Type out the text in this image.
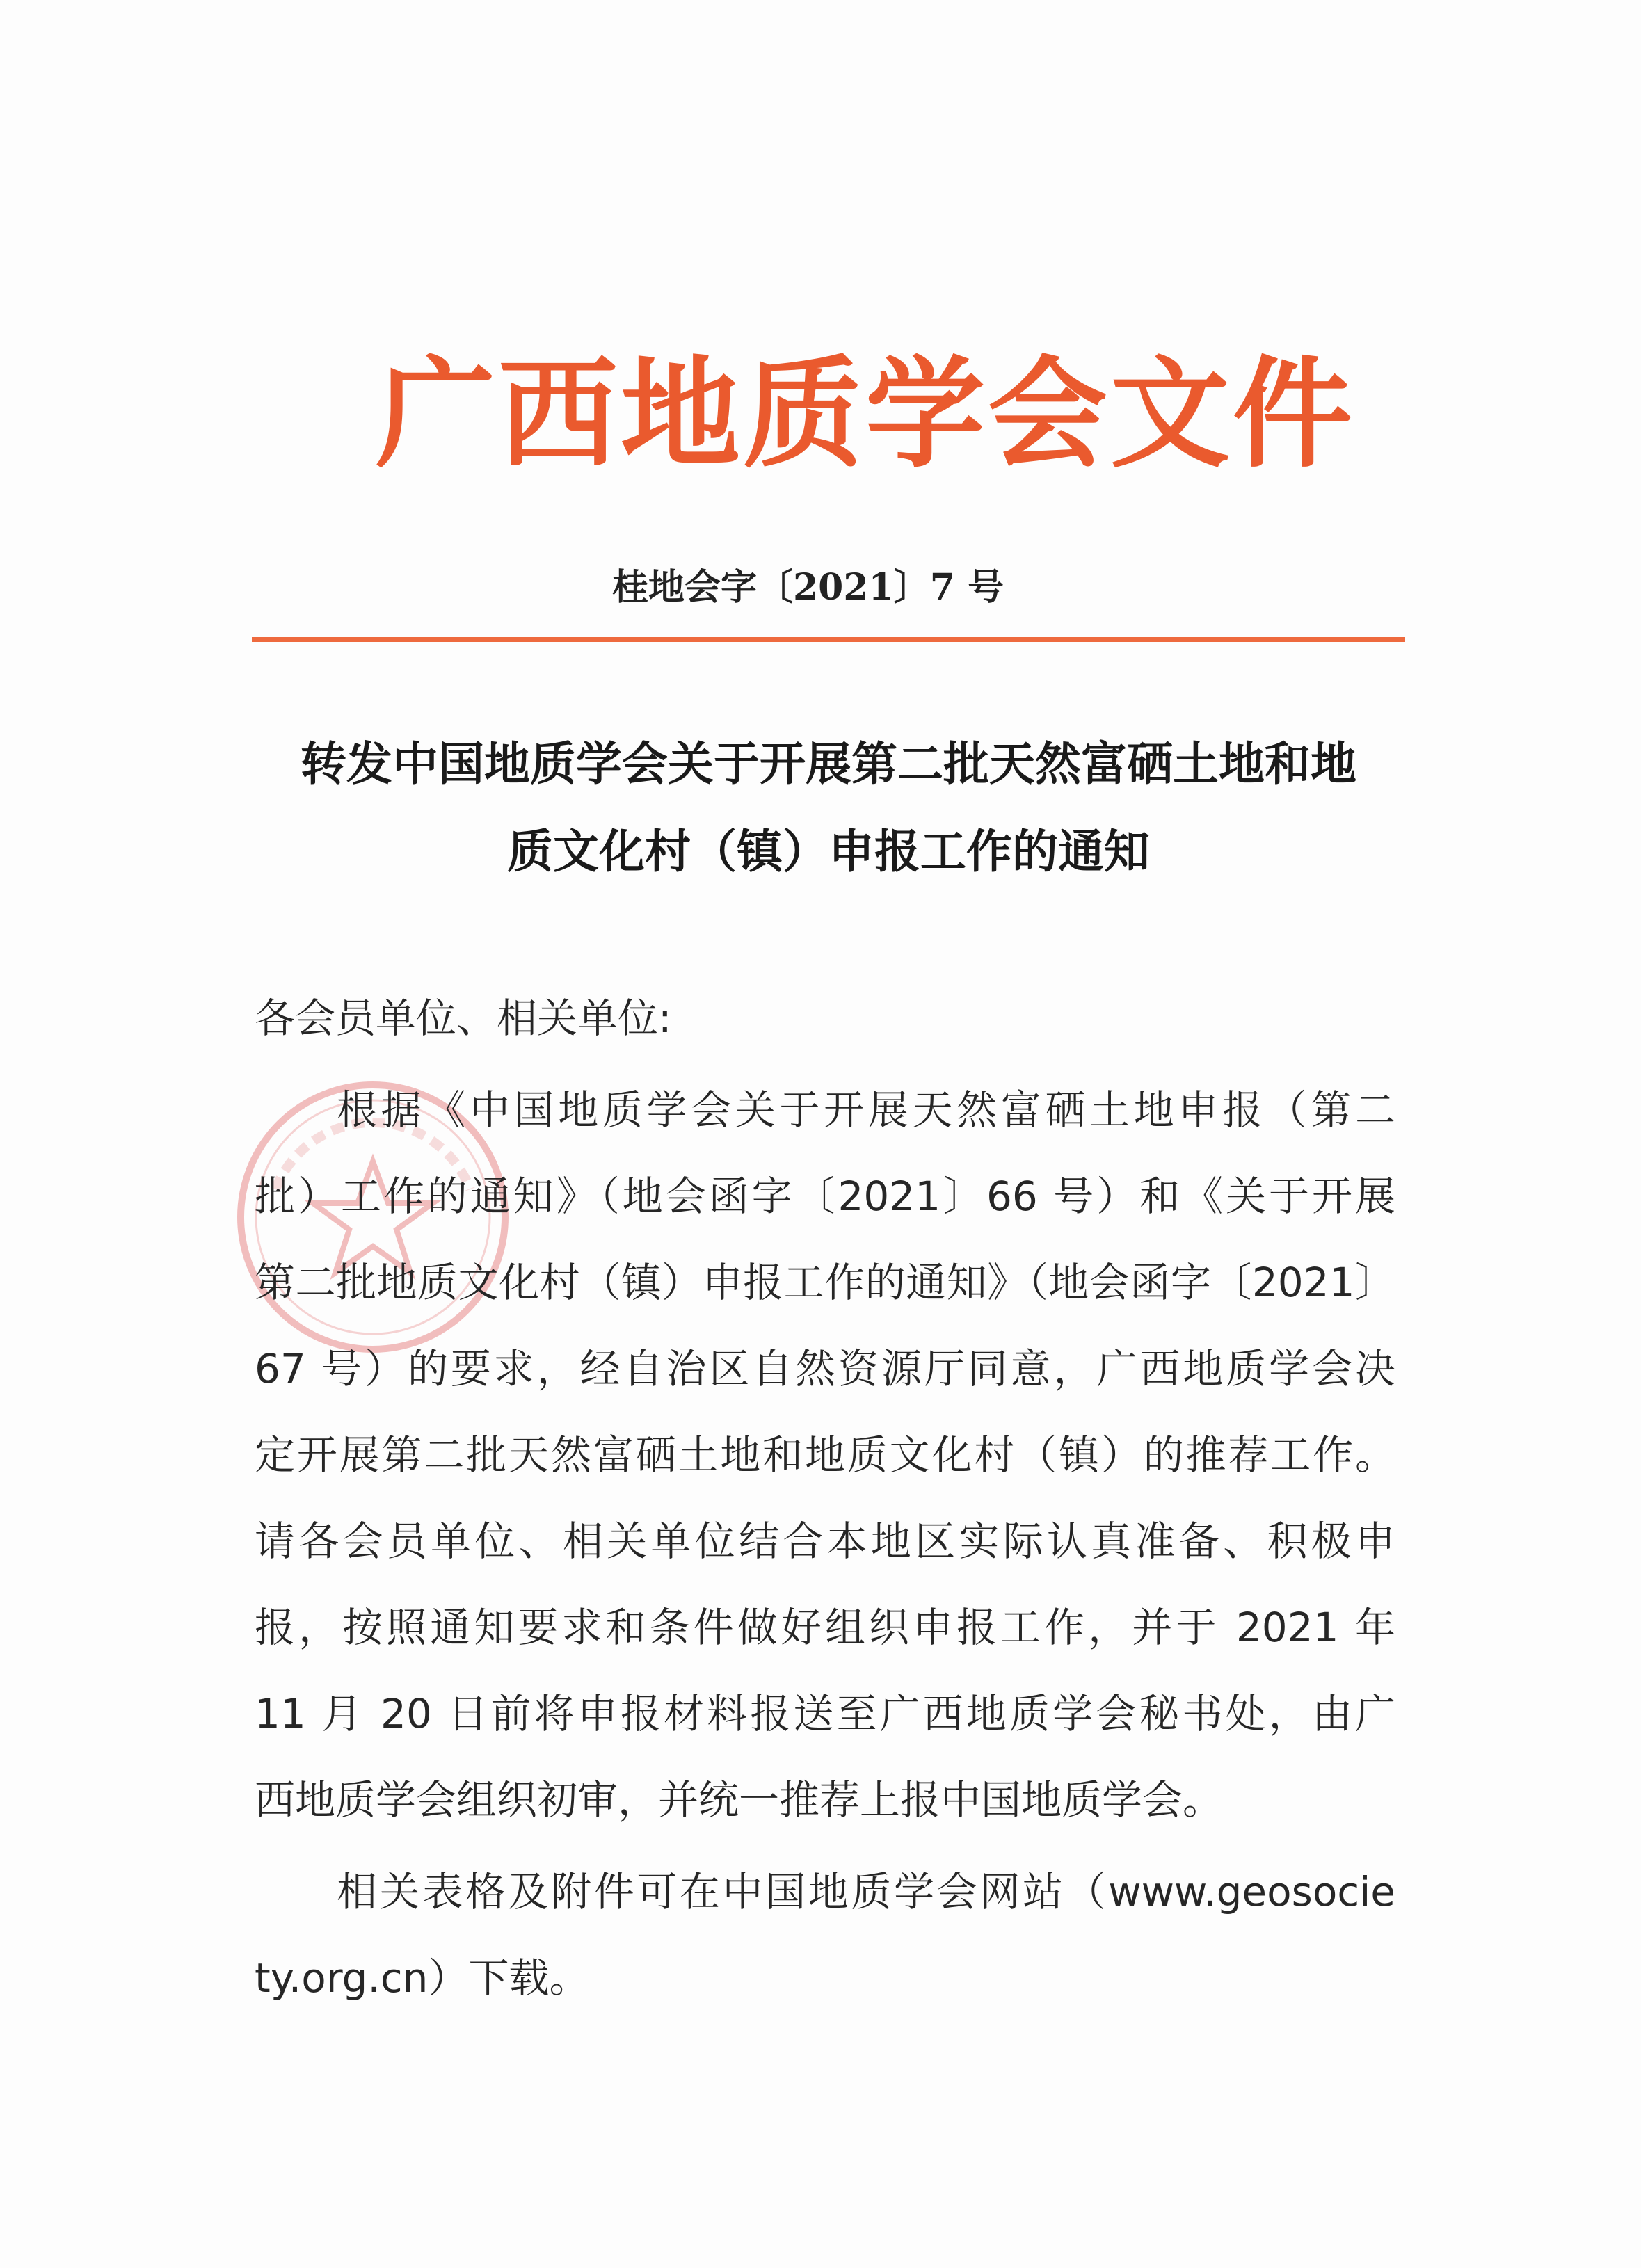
广西地质学会文件
桂地会字〔2021〕7 号
转发中国地质学会关于开展第二批天然富硒土地和地
质文化村（镇）申报工作的通知
各会员单位、相关单位:
根据《中国地质学会关于开展天然富硒土地申报（第二
批）工作的通知》（地会函字〔2021〕66 号）和《关于开展
第二批地质文化村（镇）申报工作的通知》（地会函字〔2021〕
67 号）的要求，经自治区自然资源厅同意，广西地质学会决
定开展第二批天然富硒土地和地质文化村（镇）的推荐工作。
请各会员单位、相关单位结合本地区实际认真准备、积极申
报，按照通知要求和条件做好组织申报工作，并于 2021 年
11 月 20 日前将申报材料报送至广西地质学会秘书处，由广
西地质学会组织初审，并统一推荐上报中国地质学会。
相关表格及附件可在中国地质学会网站（www.geosocie
ty.org.cn）下载。
